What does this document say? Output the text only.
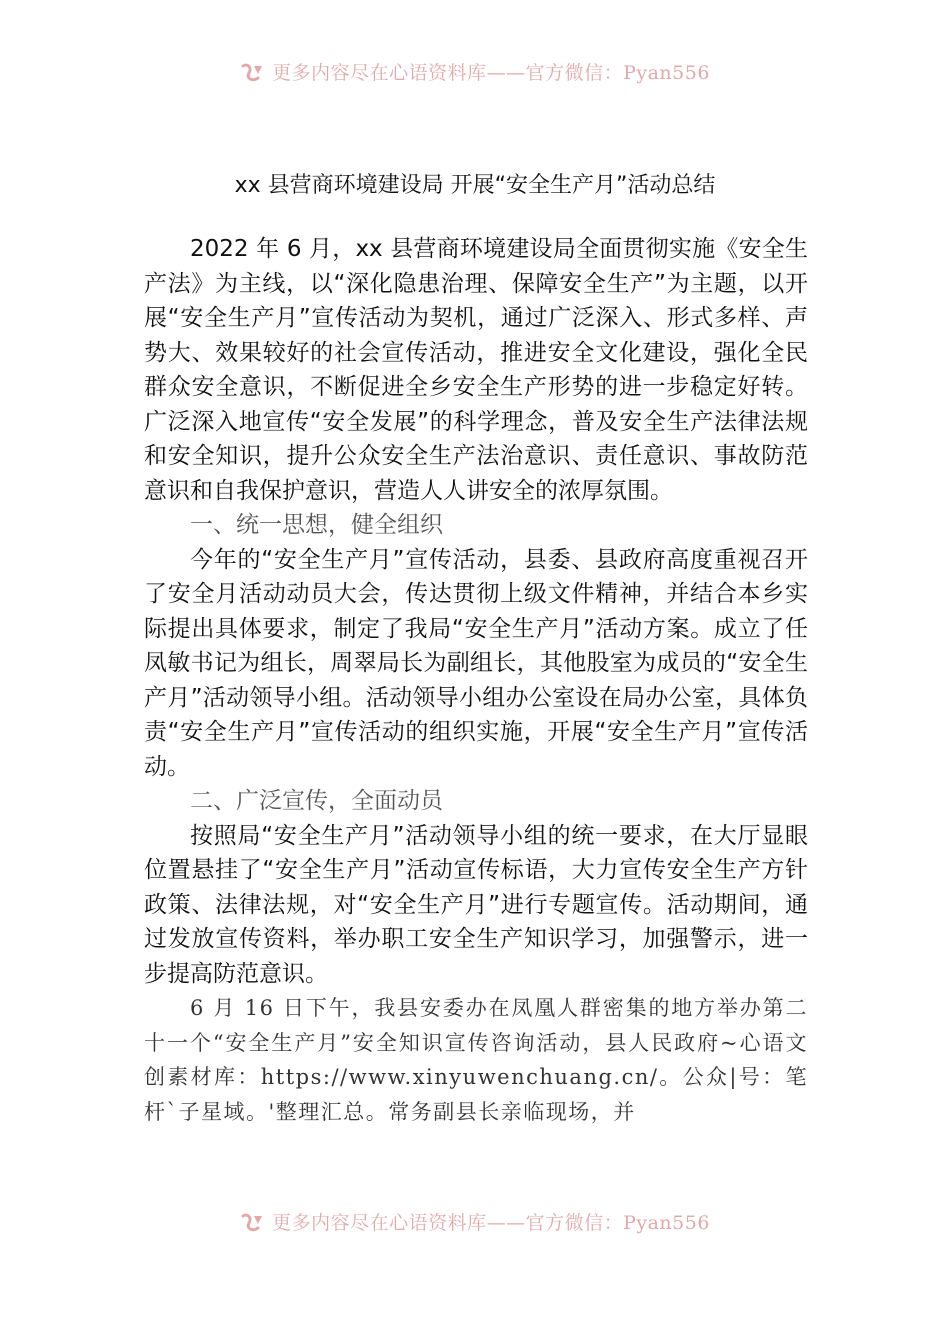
更多内容尽在心语资料库——官方微信：Pyan556
xx 县营商环境建设局 开展“安全生产月”活动总结

2022 年 6 月，xx 县营商环境建设局全面贯彻实施《安全生产法》为主线，以“深化隐患治理、保障安全生产”为主题，以开展“安全生产月”宣传活动为契机，通过广泛深入、形式多样、声势大、效果较好的社会宣传活动，推进安全文化建设，强化全民群众安全意识，不断促进全乡安全生产形势的进一步稳定好转。广泛深入地宣传“安全发展”的科学理念，普及安全生产法律法规和安全知识，提升公众安全生产法治意识、责任意识、事故防范意识和自我保护意识，营造人人讲安全的浓厚氛围。

一、统一思想，健全组织

今年的“安全生产月”宣传活动，县委、县政府高度重视召开了安全月活动动员大会，传达贯彻上级文件精神，并结合本乡实际提出具体要求，制定了我局“安全生产月”活动方案。成立了任凤敏书记为组长，周翠局长为副组长，其他股室为成员的“安全生产月”活动领导小组。活动领导小组办公室设在局办公室，具体负责“安全生产月”宣传活动的组织实施，开展“安全生产月”宣传活动。

二、广泛宣传，全面动员

按照局“安全生产月”活动领导小组的统一要求，在大厅显眼位置悬挂了“安全生产月”活动宣传标语，大力宣传安全生产方针政策、法律法规，对“安全生产月”进行专题宣传。活动期间，通过发放宣传资料，举办职工安全生产知识学习，加强警示，进一步提高防范意识。

6 月 16 日下午，我县安委办在凤凰人群密集的地方举办第二十一个“安全生产月”安全知识宣传咨询活动，县人民政府~心语文创素材库：https://www.xinyuwenchuang.cn/。公众|号：笔杆`子星域。'整理汇总。常务副县长亲临现场，并

更多内容尽在心语资料库——官方微信：Pyan556
